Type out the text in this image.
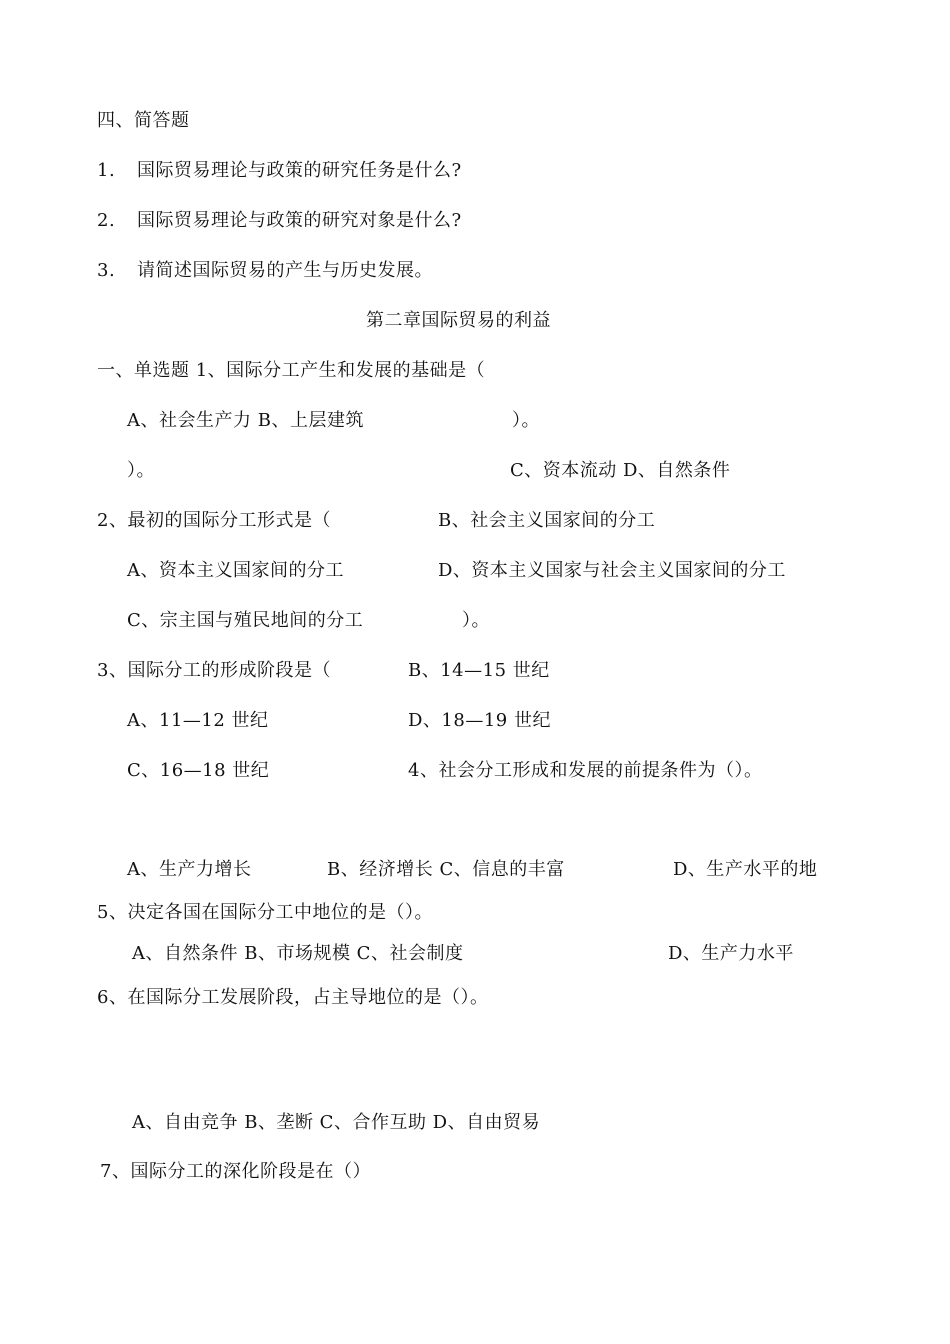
四、简答题
1. 国际贸易理论与政策的研究任务是什么?
2. 国际贸易理论与政策的研究对象是什么?
3. 请简述国际贸易的产生与历史发展。
第二章国际贸易的利益
一、单选题 1、国际分工产生和发展的基础是（
A、社会生产力 B、上层建筑	）。
）。	C、资本流动 D、自然条件
2、最初的国际分工形式是（	B、社会主义国家间的分工
A、资本主义国家间的分工	D、资本主义国家与社会主义国家间的分工
C、宗主国与殖民地间的分工	）。
3、国际分工的形成阶段是（	B、14—15 世纪
A、11—12 世纪	D、18—19 世纪
C、16—18 世纪	4、社会分工形成和发展的前提条件为（）。
A、生产力增长	B、经济增长 C、信息的丰富	D、生产水平的地
5、决定各国在国际分工中地位的是（）。
A、自然条件 B、市场规模 C、社会制度	D、生产力水平
6、在国际分工发展阶段，占主导地位的是（）。
A、自由竞争 B、垄断 C、合作互助 D、自由贸易
7、国际分工的深化阶段是在（）
